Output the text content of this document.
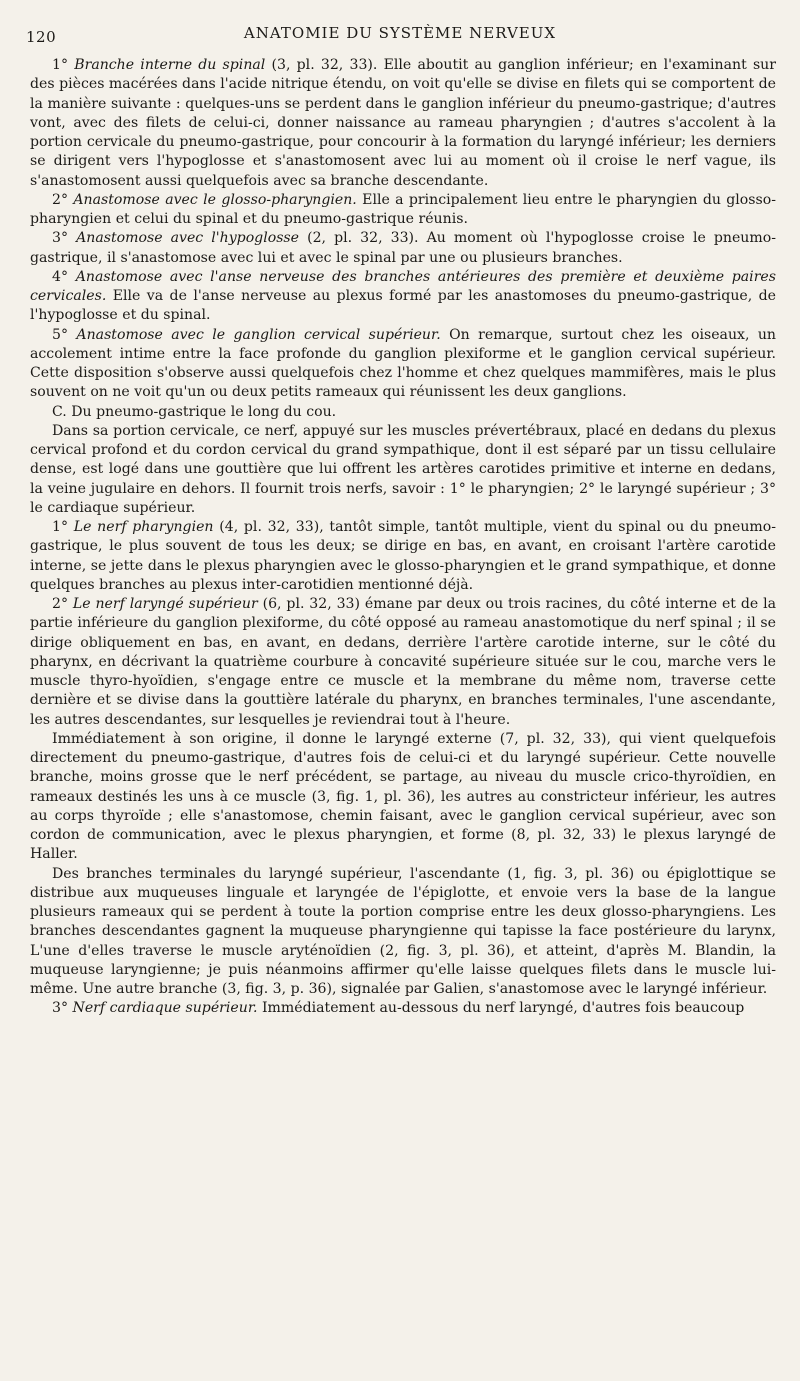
120	ANATOMIE DU SYSTÈME NERVEUX

1° Branche interne du spinal (3, pl. 32, 33). Elle aboutit au ganglion inférieur; en l'examinant sur des pièces macérées dans l'acide nitrique étendu, on voit qu'elle se divise en filets qui se comportent de la manière suivante : quelques-uns se perdent dans le ganglion inférieur du pneumo-gastrique; d'autres vont, avec des filets de celui-ci, donner naissance au rameau pharyngien ; d'autres s'accolent à la portion cervicale du pneumo-gastrique, pour concourir à la formation du laryngé inférieur; les derniers se dirigent vers l'hypoglosse et s'anastomosent avec lui au moment où il croise le nerf vague, ils s'anastomosent aussi quelquefois avec sa branche descendante.

2° Anastomose avec le glosso-pharyngien. Elle a principalement lieu entre le pharyngien du glosso-pharyngien et celui du spinal et du pneumo-gastrique réunis.

3° Anastomose avec l'hypoglosse (2, pl. 32, 33). Au moment où l'hypoglosse croise le pneumo-gastrique, il s'anastomose avec lui et avec le spinal par une ou plusieurs branches.

4° Anastomose avec l'anse nerveuse des branches antérieures des première et deuxième paires cervicales. Elle va de l'anse nerveuse au plexus formé par les anastomoses du pneumo-gastrique, de l'hypoglosse et du spinal.

5° Anastomose avec le ganglion cervical supérieur. On remarque, surtout chez les oiseaux, un accolement intime entre la face profonde du ganglion plexiforme et le ganglion cervical supérieur. Cette disposition s'observe aussi quelquefois chez l'homme et chez quelques mammifères, mais le plus souvent on ne voit qu'un ou deux petits rameaux qui réunissent les deux ganglions.

C. Du pneumo-gastrique le long du cou.

Dans sa portion cervicale, ce nerf, appuyé sur les muscles prévertébraux, placé en dedans du plexus cervical profond et du cordon cervical du grand sympathique, dont il est séparé par un tissu cellulaire dense, est logé dans une gouttière que lui offrent les artères carotides primitive et interne en dedans, la veine jugulaire en dehors. Il fournit trois nerfs, savoir : 1° le pharyngien; 2° le laryngé supérieur ; 3° le cardiaque supérieur.

1° Le nerf pharyngien (4, pl. 32, 33), tantôt simple, tantôt multiple, vient du spinal ou du pneumo-gastrique, le plus souvent de tous les deux; se dirige en bas, en avant, en croisant l'artère carotide interne, se jette dans le plexus pharyngien avec le glosso-pharyngien et le grand sympathique, et donne quelques branches au plexus inter-carotidien mentionné déjà.

2° Le nerf laryngé supérieur (6, pl. 32, 33) émane par deux ou trois racines, du côté interne et de la partie inférieure du ganglion plexiforme, du côté opposé au rameau anastomotique du nerf spinal ; il se dirige obliquement en bas, en avant, en dedans, derrière l'artère carotide interne, sur le côté du pharynx, en décrivant la quatrième courbure à concavité supérieure située sur le cou, marche vers le muscle thyro-hyoïdien, s'engage entre ce muscle et la membrane du même nom, traverse cette dernière et se divise dans la gouttière latérale du pharynx, en branches terminales, l'une ascendante, les autres descendantes, sur lesquelles je reviendrai tout à l'heure.

Immédiatement à son origine, il donne le laryngé externe (7, pl. 32, 33), qui vient quelquefois directement du pneumo-gastrique, d'autres fois de celui-ci et du laryngé supérieur. Cette nouvelle branche, moins grosse que le nerf précédent, se partage, au niveau du muscle crico-thyroïdien, en rameaux destinés les uns à ce muscle (3, fig. 1, pl. 36), les autres au constricteur inférieur, les autres au corps thyroïde ; elle s'anastomose, chemin faisant, avec le ganglion cervical supérieur, avec son cordon de communication, avec le plexus pharyngien, et forme (8, pl. 32, 33) le plexus laryngé de Haller.

Des branches terminales du laryngé supérieur, l'ascendante (1, fig. 3, pl. 36) ou épiglottique se distribue aux muqueuses linguale et laryngée de l'épiglotte, et envoie vers la base de la langue plusieurs rameaux qui se perdent à toute la portion comprise entre les deux glosso-pharyngiens. Les branches descendantes gagnent la muqueuse pharyngienne qui tapisse la face postérieure du larynx, L'une d'elles traverse le muscle aryténoïdien (2, fig. 3, pl. 36), et atteint, d'après M. Blandin, la muqueuse laryngienne; je puis néanmoins affirmer qu'elle laisse quelques filets dans le muscle lui-même. Une autre branche (3, fig. 3, p. 36), signalée par Galien, s'anastomose avec le laryngé inférieur.

3° Nerf cardiaque supérieur. Immédiatement au-dessous du nerf laryngé, d'autres fois beaucoup
